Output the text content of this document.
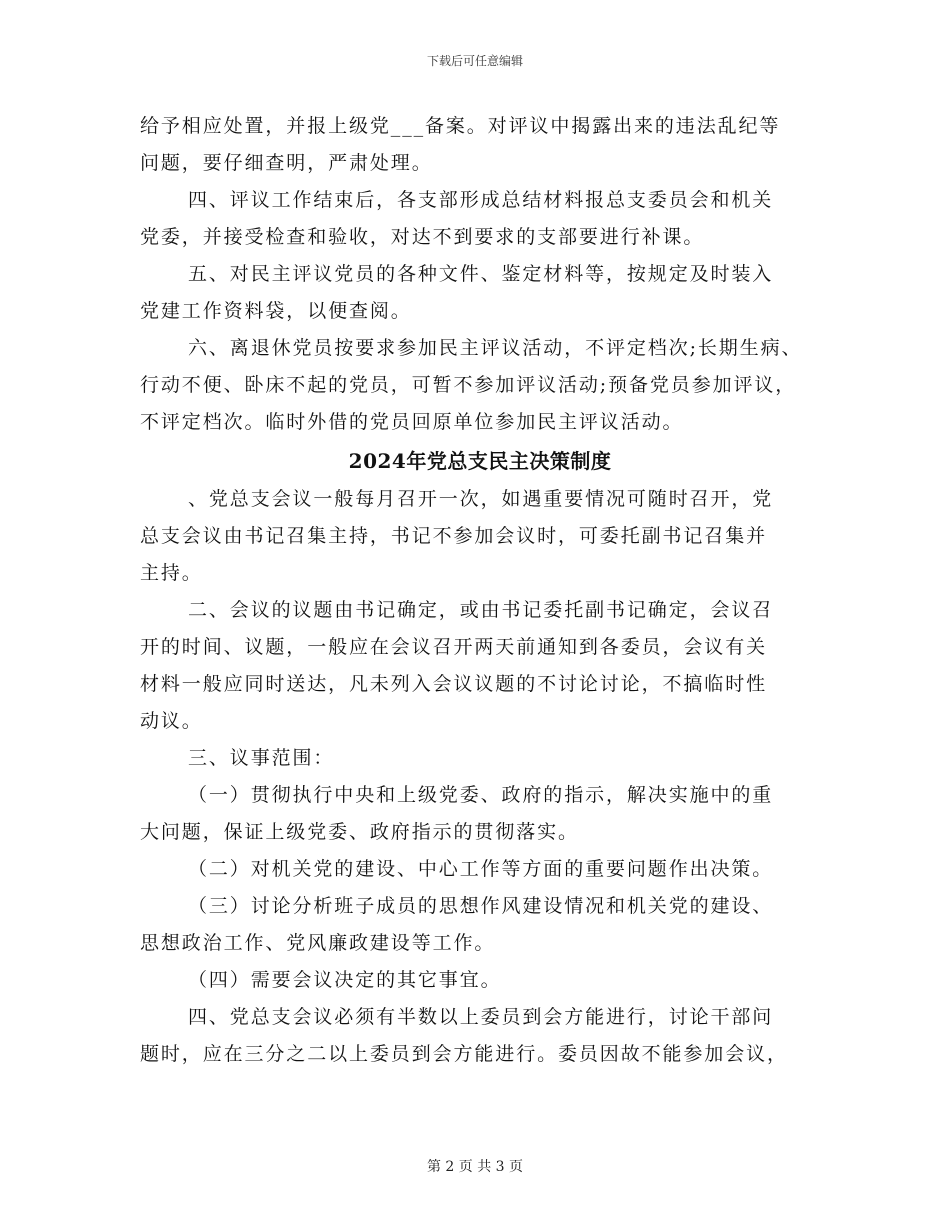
下载后可任意编辑

给予相应处置，并报上级党___备案。对评议中揭露出来的违法乱纪等
问题，要仔细查明，严肃处理。

四、评议工作结束后，各支部形成总结材料报总支委员会和机关
党委，并接受检查和验收，对达不到要求的支部要进行补课。

五、对民主评议党员的各种文件、鉴定材料等，按规定及时装入
党建工作资料袋，以便查阅。

六、离退休党员按要求参加民主评议活动，不评定档次;长期生病、
行动不便、卧床不起的党员，可暂不参加评议活动;预备党员参加评议，
不评定档次。临时外借的党员回原单位参加民主评议活动。

2024年党总支民主决策制度

、党总支会议一般每月召开一次，如遇重要情况可随时召开，党
总支会议由书记召集主持，书记不参加会议时，可委托副书记召集并
主持。

二、会议的议题由书记确定，或由书记委托副书记确定，会议召
开的时间、议题，一般应在会议召开两天前通知到各委员，会议有关
材料一般应同时送达，凡未列入会议议题的不讨论讨论，不搞临时性
动议。

三、议事范围：

（一）贯彻执行中央和上级党委、政府的指示，解决实施中的重
大问题，保证上级党委、政府指示的贯彻落实。

（二）对机关党的建设、中心工作等方面的重要问题作出决策。

（三）讨论分析班子成员的思想作风建设情况和机关党的建设、
思想政治工作、党风廉政建设等工作。

（四）需要会议决定的其它事宜。

四、党总支会议必须有半数以上委员到会方能进行，讨论干部问
题时，应在三分之二以上委员到会方能进行。委员因故不能参加会议，

第 2 页 共 3 页
